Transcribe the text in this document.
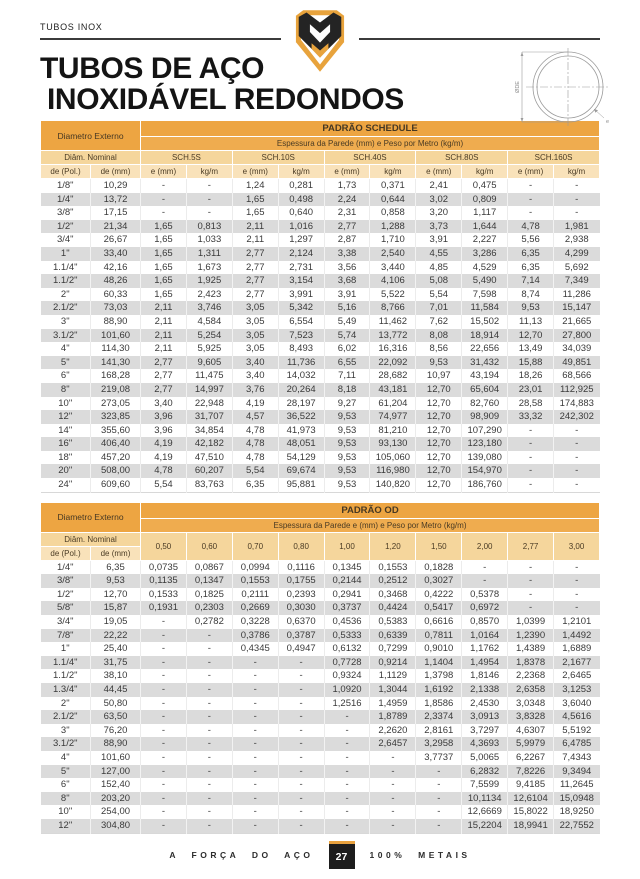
TUBOS INOX
TUBOS DE AÇO
INOXIDÁVEL REDONDOS	ØDE
e
Diametro Externo		PADRÃO SCHEDULE									
		Espessura da Parede (mm) e Peso por Metro (kg/m)									
Diâm. Nominal		SCH.5S		SCH.10S		SCH.40S		SCH.80S		SCH.160S	
de (Pol.)	de (mm)	e (mm)	kg/m	e (mm)	kg/m	e (mm)	kg/m	e (mm)	kg/m	e (mm)	kg/m
1/8"	10,29	-	-	1,24	0,281	1,73	0,371	2,41	0,475	-	-
1/4"	13,72	-	-	1,65	0,498	2,24	0,644	3,02	0,809	-	-
3/8"	17,15	-	-	1,65	0,640	2,31	0,858	3,20	1,117	-	-
1/2"	21,34	1,65	0,813	2,11	1,016	2,77	1,288	3,73	1,644	4,78	1,981
3/4"	26,67	1,65	1,033	2,11	1,297	2,87	1,710	3,91	2,227	5,56	2,938
1"	33,40	1,65	1,311	2,77	2,124	3,38	2,540	4,55	3,286	6,35	4,299
1.1/4"	42,16	1,65	1,673	2,77	2,731	3,56	3,440	4,85	4,529	6,35	5,692
1.1/2"	48,26	1,65	1,925	2,77	3,154	3,68	4,106	5,08	5,490	7,14	7,349
2"	60,33	1,65	2,423	2,77	3,991	3,91	5,522	5,54	7,598	8,74	11,286
2.1/2"	73,03	2,11	3,746	3,05	5,342	5,16	8,766	7,01	11,584	9,53	15,147
3"	88,90	2,11	4,584	3,05	6,554	5,49	11,462	7,62	15,502	11,13	21,665
3.1/2"	101,60	2,11	5,254	3,05	7,523	5,74	13,772	8,08	18,914	12,70	27,800
4"	114,30	2,11	5,925	3,05	8,493	6,02	16,316	8,56	22,656	13,49	34,039
5"	141,30	2,77	9,605	3,40	11,736	6,55	22,092	9,53	31,432	15,88	49,851
6"	168,28	2,77	11,475	3,40	14,032	7,11	28,682	10,97	43,194	18,26	68,566
8"	219,08	2,77	14,997	3,76	20,264	8,18	43,181	12,70	65,604	23,01	112,925
10"	273,05	3,40	22,948	4,19	28,197	9,27	61,204	12,70	82,760	28,58	174,883
12"	323,85	3,96	31,707	4,57	36,522	9,53	74,977	12,70	98,909	33,32	242,302
14"	355,60	3,96	34,854	4,78	41,973	9,53	81,210	12,70	107,290	-	-
16"	406,40	4,19	42,182	4,78	48,051	9,53	93,130	12,70	123,180	-	-
18"	457,20	4,19	47,510	4,78	54,129	9,53	105,060	12,70	139,080	-	-
20"	508,00	4,78	60,207	5,54	69,674	9,53	116,980	12,70	154,970	-	-
24"	609,60	5,54	83,763	6,35	95,881	9,53	140,820	12,70	186,760	-	-
Diametro Externo		PADRÃO OD									
		Espessura da Parede e (mm) e Peso por Metro (kg/m)									
Diâm. Nominal		0,50	0,60	0,70	0,80	1,00	1,20	1,50	2,00	2,77	3,00
de (Pol.)	de (mm)										
1/4"	6,35	0,0735	0,0867	0,0994	0,1116	0,1345	0,1553	0,1828	-	-	-
3/8"	9,53	0,1135	0,1347	0,1553	0,1755	0,2144	0,2512	0,3027	-	-	-
1/2"	12,70	0,1533	0,1825	0,2111	0,2393	0,2941	0,3468	0,4222	0,5378	-	-
5/8"	15,87	0,1931	0,2303	0,2669	0,3030	0,3737	0,4424	0,5417	0,6972	-	-
3/4"	19,05	-	0,2782	0,3228	0,6370	0,4536	0,5383	0,6616	0,8570	1,0399	1,2101
7/8"	22,22	-	-	0,3786	0,3787	0,5333	0,6339	0,7811	1,0164	1,2390	1,4492
1"	25,40	-	-	0,4345	0,4947	0,6132	0,7299	0,9010	1,1762	1,4389	1,6889
1.1/4"	31,75	-	-	-	-	0,7728	0,9214	1,1404	1,4954	1,8378	2,1677
1.1/2"	38,10	-	-	-	-	0,9324	1,1129	1,3798	1,8146	2,2368	2,6465
1.3/4"	44,45	-	-	-	-	1,0920	1,3044	1,6192	2,1338	2,6358	3,1253
2"	50,80	-	-	-	-	1,2516	1,4959	1,8586	2,4530	3,0348	3,6040
2.1/2"	63,50	-	-	-	-	-	1,8789	2,3374	3,0913	3,8328	4,5616
3"	76,20	-	-	-	-	-	2,2620	2,8161	3,7297	4,6307	5,5192
3.1/2"	88,90	-	-	-	-	-	2,6457	3,2958	4,3693	5,9979	6,4785
4"	101,60	-	-	-	-	-	-	3,7737	5,0065	6,2267	7,4343
5"	127,00	-	-	-	-	-	-	-	6,2832	7,8226	9,3494
6"	152,40	-	-	-	-	-	-	-	7,5599	9,4185	11,2645
8"	203,20	-	-	-	-	-	-	-	10,1134	12,6104	15,0948
10"	254,00	-	-	-	-	-	-	-	12,6669	15,8022	18,9250
12"	304,80	-	-	-	-	-	-	-	15,2204	18,9941	22,7552
A FORÇA DO AÇO	27	100% METAIS
